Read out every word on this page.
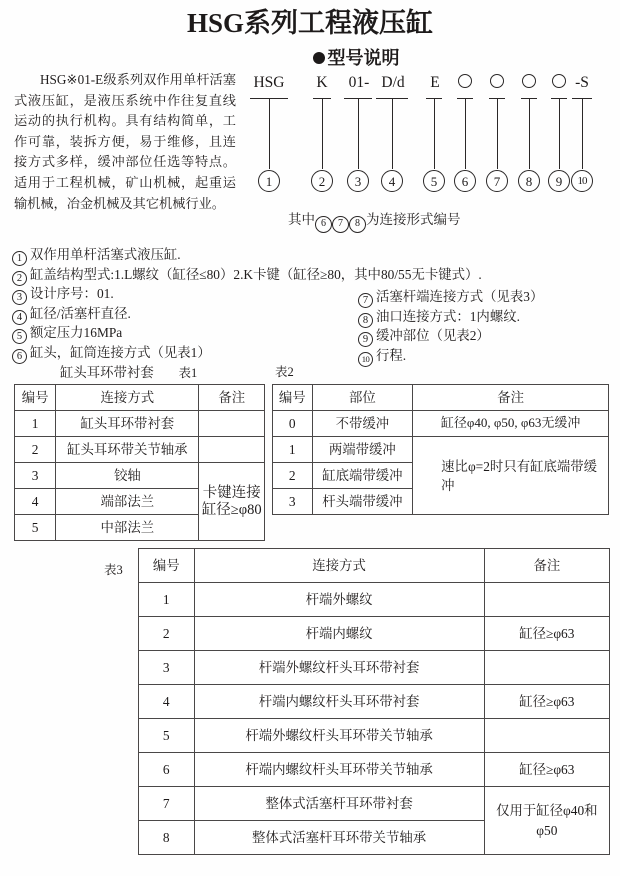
HSG系列工程液压缸
型号说明
HSG※01-E级系列双作用单杆活塞式液压缸，是液压系统中作往复直线运动的执行机构。具有结构简单，工作可靠，装拆方便，易于维修，且连接方式多样，缓冲部位任选等特点。适用于工程机械，矿山机械，起重运输机械，冶金机械及其它机械行业。
HSG	K	01- D/d	E	-S
1	2	3	4	5	6	7	8	9	10
其中 6 7 8 为连接形式编号
1 双作用单杆活塞式液压缸.
2 缸盖结构型式:1.L螺纹（缸径≤80）2.K卡键（缸径≥80，其中80/55无卡键式）.
3 设计序号：01.
4 缸径/活塞杆直径.
5 额定压力16MPa
6 缸头，缸筒连接方式（见表1）
7 活塞杆端连接方式（见表3）
8 油口连接方式：1内螺纹.
9 缓冲部位（见表2）
10 行程.
缸头耳环带衬套 表1	表2
表3
编号	连接方式	备注
1	缸头耳环带衬套	
2	缸头耳环带关节轴承	
3	铰轴	卡键连接缸径≥φ80
4	端部法兰	
5	中部法兰	
编号	部位	备注
0	不带缓冲	缸径φ40, φ50, φ63无缓冲
1	两端带缓冲	速比φ=2时只有缸底端带缓冲
2	缸底端带缓冲	
3	杆头端带缓冲	
编号	连接方式	备注
1	杆端外螺纹	
2	杆端内螺纹	缸径≥φ63
3	杆端外螺纹杆头耳环带衬套	
4	杆端内螺纹杆头耳环带衬套	缸径≥φ63
5	杆端外螺纹杆头耳环带关节轴承	
6	杆端内螺纹杆头耳环带关节轴承	缸径≥φ63
7	整体式活塞杆耳环带衬套	仅用于缸径φ40和φ50
8	整体式活塞杆耳环带关节轴承	
